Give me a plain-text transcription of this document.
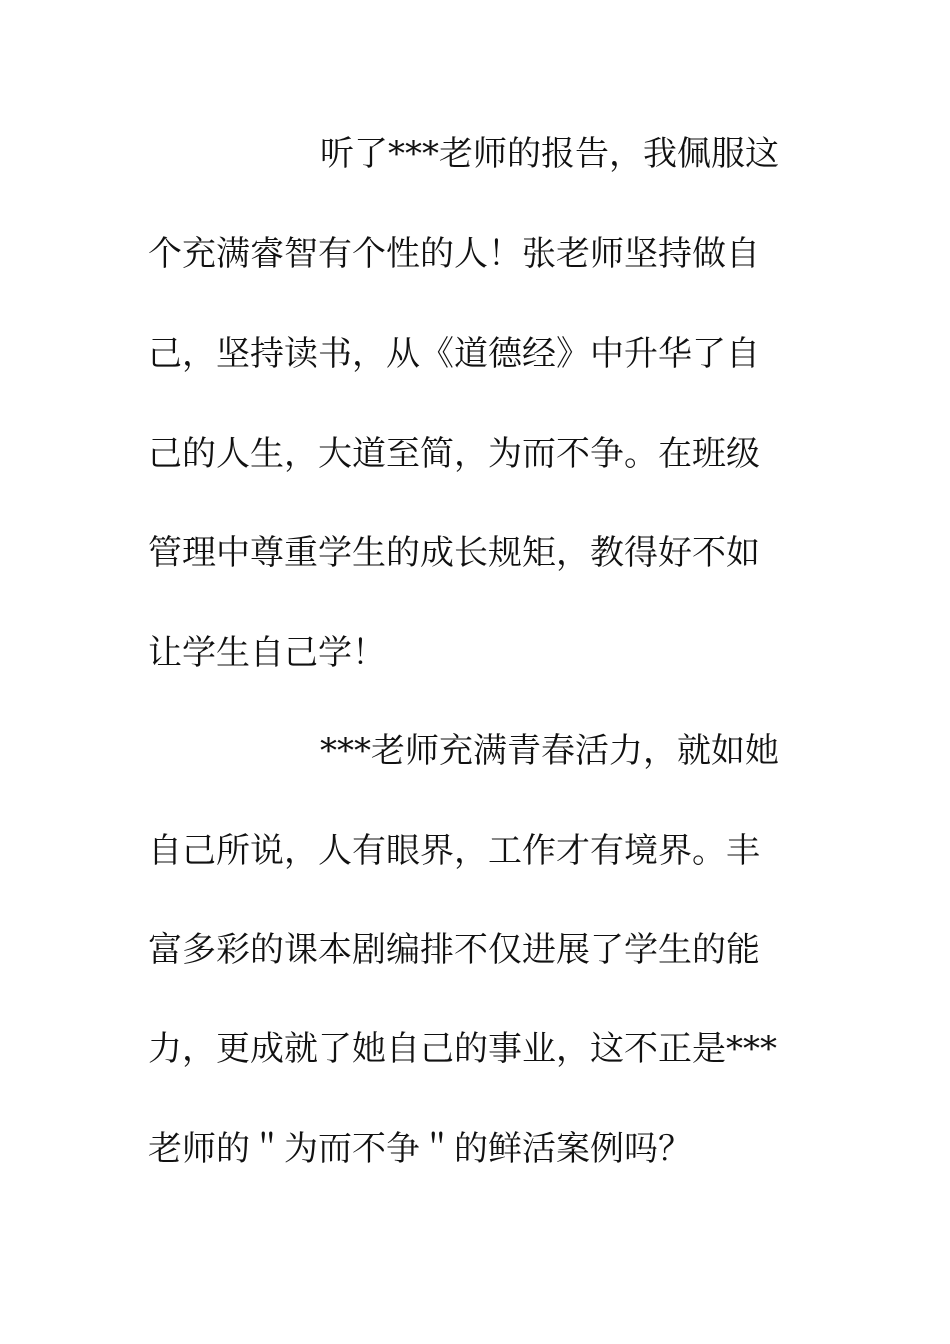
听了***老师的报告，我佩服这
个充满睿智有个性的人！张老师坚持做自
己，坚持读书，从《道德经》中升华了自
己的人生，大道至简，为而不争。在班级
管理中尊重学生的成长规矩，教得好不如
让学生自己学！
***老师充满青春活力，就如她
自己所说，人有眼界，工作才有境界。丰
富多彩的课本剧编排不仅进展了学生的能
力，更成就了她自己的事业，这不正是***
老师的＂为而不争＂的鲜活案例吗？
